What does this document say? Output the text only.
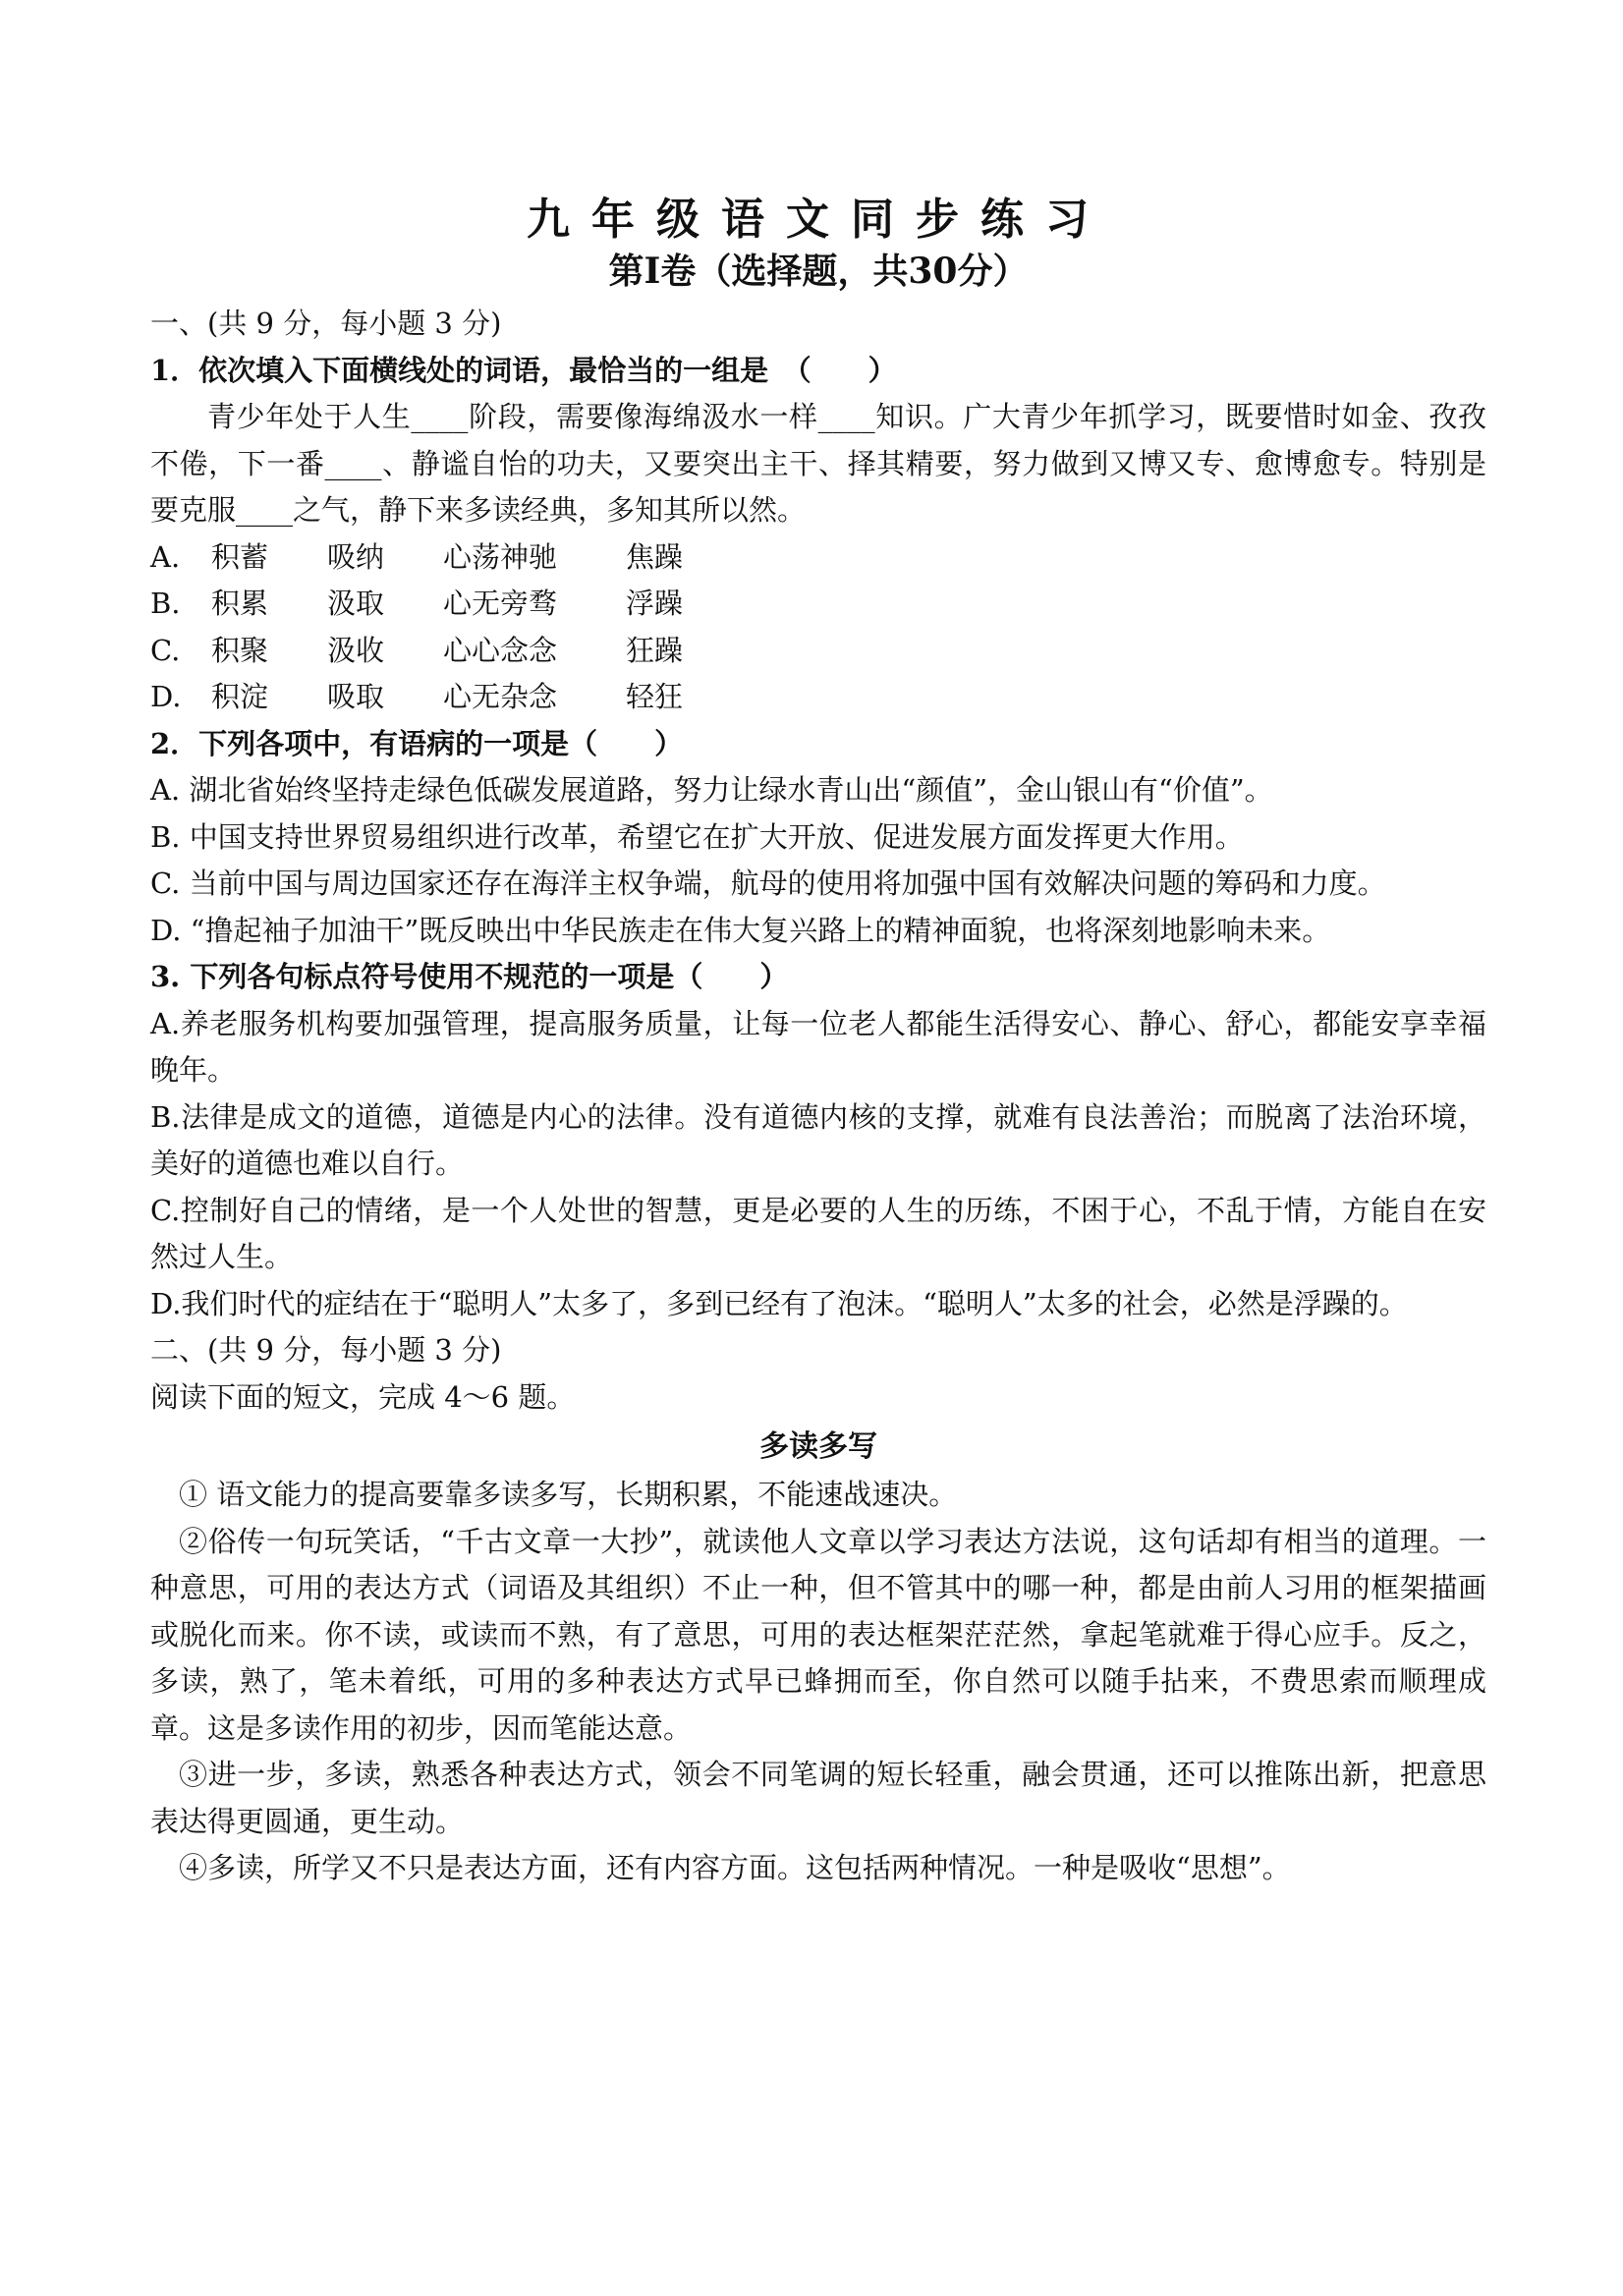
九年级语文同步练习
第Ⅰ卷（选择题，共30分）

一、(共 9 分，每小题 3 分)

1．依次填入下面横线处的词语，最恰当的一组是　（　　）

青少年处于人生____阶段，需要像海绵汲水一样____知识。广大青少年抓学习，既要惜时如金、孜孜不倦，下一番____、静谧自怡的功夫，又要突出主干、择其精要，努力做到又博又专、愈博愈专。特别是要克服____之气，静下来多读经典，多知其所以然。

A.	积蓄	吸纳	心荡神驰	焦躁
B.	积累	汲取	心无旁骛	浮躁
C.	积聚	汲收	心心念念	狂躁
D.	积淀	吸取	心无杂念	轻狂

2．下列各项中，有语病的一项是（　　）

A. 湖北省始终坚持走绿色低碳发展道路，努力让绿水青山出“颜值”，金山银山有“价值”。

B. 中国支持世界贸易组织进行改革，希望它在扩大开放、促进发展方面发挥更大作用。

C. 当前中国与周边国家还存在海洋主权争端，航母的使用将加强中国有效解决问题的筹码和力度。

D. “撸起袖子加油干”既反映出中华民族走在伟大复兴路上的精神面貌，也将深刻地影响未来。

3. 下列各句标点符号使用不规范的一项是（　　）

A.养老服务机构要加强管理，提高服务质量，让每一位老人都能生活得安心、静心、舒心，都能安享幸福晚年。

B.法律是成文的道德，道德是内心的法律。没有道德内核的支撑，就难有良法善治；而脱离了法治环境，美好的道德也难以自行。

C.控制好自己的情绪，是一个人处世的智慧，更是必要的人生的历练，不困于心，不乱于情，方能自在安然过人生。

D.我们时代的症结在于“聪明人”太多了，多到已经有了泡沫。“聪明人”太多的社会，必然是浮躁的。

二、(共 9 分，每小题 3 分)

阅读下面的短文，完成 4～6 题。

多读多写

① 语文能力的提高要靠多读多写，长期积累，不能速战速决。

②俗传一句玩笑话，“千古文章一大抄”，就读他人文章以学习表达方法说，这句话却有相当的道理。一种意思，可用的表达方式（词语及其组织）不止一种，但不管其中的哪一种，都是由前人习用的框架描画或脱化而来。你不读，或读而不熟，有了意思，可用的表达框架茫茫然，拿起笔就难于得心应手。反之，多读，熟了，笔未着纸，可用的多种表达方式早已蜂拥而至，你自然可以随手拈来，不费思索而顺理成章。这是多读作用的初步，因而笔能达意。

③进一步，多读，熟悉各种表达方式，领会不同笔调的短长轻重，融会贯通，还可以推陈出新，把意思表达得更圆通，更生动。

④多读，所学又不只是表达方面，还有内容方面。这包括两种情况。一种是吸收“思想”。
